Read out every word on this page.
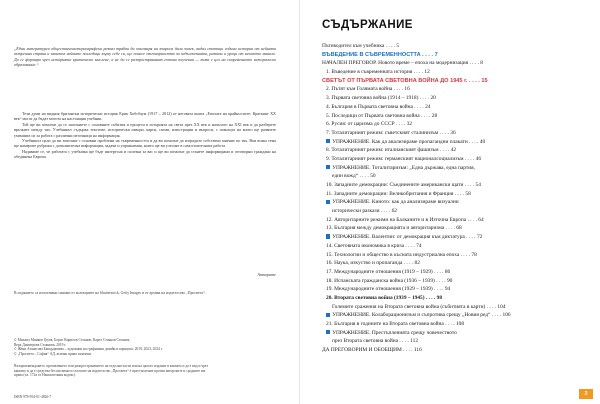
„Един литературен общественоисториографски разказ трябва да отговаря на въпроса дали човек, видял стотици години история от нейната вътрешна страна и изпитал нейните последици върху себе си, ще понесе отговорността за задълженията, разкази и уроци от неговото минало. Да се формира чрез историята критическо мислене, а не да се разпространяват готови поучения — това е цел на съвременното историческо образование.“

Тези думи на видния британски исторически историк Ерик Хобсбаум (1917 – 2012) от неговата книга „Епохата на крайностите: Краткият ХХ век“ могат да бъдат мотото на настоящия учебник.

Той ще ви помогне да се запознаете с основните събития и процеси в историята на света през ХХ век и началото на ХХI век и да разберете връзките между тях. Учебникът съдържа текстове, исторически извори, карти, схеми, илюстрации и въпроси, с помощта на които ще развиете уменията си за работа с различни източници на информация.

Учебникът цели да ви запознае с основни проблеми на съвременността и да ви помогне да изградите собствено мнение по тях. Във всяка тема ще намерите рубрики с допълнителна информация, задачи и упражнения, които ще ви улеснят в самостоятелната работа.

Надяваме се, че работата с учебника ще бъде интересна и полезна за вас и ще ви помогне да станете информирани и отговорни граждани на обединена Европа.

Авторите
В изданието са използвани снимки от колекциите на Shutterstock, Getty Images и от архива на издателство „Просвета“.
© Михаил Минков Груев, Борис Кирилов Стоянов, Карел Стоянов Стоянов,
Вера Димитрова Стоянова, 2019 г.
© Жени Атанасова Бакърджиева – художник на графичния дизайн и корицата, 2019, 2023, 2024 г.
© „Просвета – София“ АД, всички права запазени.
Възпроизвеждането, преписването или разпространението на отделни части или на цялото издание в какъвто и да е вид и чрез каквито и да е средства без писменото съгласие на издателство „Просвета“ е престъпление против авторските и сродните им права (чл. 172а от Наказателния кодекс).
ISBN 978-954-01-4826-7
СЪДЪРЖАНИЕ
Пътеводител към учебника . . . . 5
ВЪВЕДЕНИЕ В СЪВРЕМЕННОСТТА . . . . 7
НАЧАЛЕН ПРЕГОВОР. Новото време – епоха на модернизация . . . . 8
1. Въведение в съвременната история . . . . 12
СВЕТЪТ ОТ ПЪРВАТА СВЕТОВНА ВОЙНА ДО 1945 г. . . . . 15
2. Пътят към Голямата война . . . . 16
3. Първата световна война (1914 – 1918) . . . . 20
4. България в Първата световна война . . . . 24
5. Последици от Първата световна война . . . . 28
6. Русия: от царизма до СССР . . . . 32
7. Тоталитарният режим: съветският сталинизъм . . . . 36
УПРАЖНЕНИЕ. Как да анализираме пропагандни плакати . . . . 40
8. Тоталитарният режим: италианският фашизъм . . . . 42
9. Тоталитарният режим: германският националсоциализъм . . . . 46
УПРАЖНЕНИЕ. Тоталитаризъм: „Една държава, една партия,
един вожд“ . . . . 50
10. Западните демокрации: Съединените американски щати . . . . 54
11. Западните демокрации: Великобритания и Франция . . . . 58
УПРАЖНЕНИЕ. Киното: как да анализираме визуални
исторически разкази . . . . 62
12. Авторитарните режими на Балканите и в Източна Европа . . . . 64
13. България между демокрацията и авторитаризма . . . . 68
УПРАЖНЕНИЕ. Валентин: от демокрация към диктатура . . . . 72
14. Световната икономика в криза . . . . 74
15. Технологии и общество в късната индустриална епоха . . . . 78
16. Наука, изкуство и пропаганда . . . . 82
17. Международните отношения (1919 – 1929) . . . . 86
18. Испанската гражданска война (1936 – 1939) . . . . 90
19. Международните отношения (1929 – 1939) . . . . 94
20. Втората световна война (1939 – 1945) . . . . 98
Големите сражения на Втората световна война (събитията в карти) . . . . 104
УПРАЖНЕНИЕ. Колаборационизъм и съпротива срещу „Новия ред“ . . . . 106
21. България в годините на Втората световна война . . . . 108
УПРАЖНЕНИЕ. Престъпленията срещу човечеството
през Втората световна война . . . . 112
ДА ПРЕГОВОРИМ И ОБОБЩИМ . . . . 116
3
